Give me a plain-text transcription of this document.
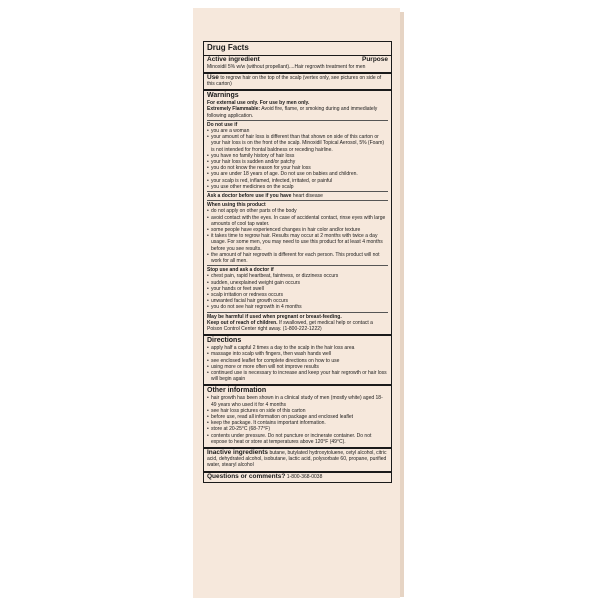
Drug Facts
Active ingredient	Purpose
Minoxidil 5% w/w (without propellant)....Hair regrowth treatment for men
Use to regrow hair on the top of the scalp (vertex only, see pictures on side of this carton)
Warnings
For external use only. For use by men only.
Extremely Flammable: Avoid fire, flame, or smoking during and immediately following application.
Do not use if
• you are a woman
• your amount of hair loss is different than that shown on side of this carton or your hair loss is on the front of the scalp. Minoxidil Topical Aerosol, 5% (Foam) is not intended for frontal baldness or receding hairline.
• you have no family history of hair loss
• your hair loss is sudden and/or patchy
• you do not know the reason for your hair loss
• you are under 18 years of age. Do not use on babies and children.
• your scalp is red, inflamed, infected, irritated, or painful
• you use other medicines on the scalp
Ask a doctor before use if you have heart disease
When using this product
• do not apply on other parts of the body
• avoid contact with the eyes. In case of accidental contact, rinse eyes with large amounts of cool tap water.
• some people have experienced changes in hair color and/or texture
• it takes time to regrow hair. Results may occur at 2 months with twice a day usage. For some men, you may need to use this product for at least 4 months before you see results.
• the amount of hair regrowth is different for each person. This product will not work for all men.
Stop use and ask a doctor if
• chest pain, rapid heartbeat, faintness, or dizziness occurs
• sudden, unexplained weight gain occurs
• your hands or feet swell
• scalp irritation or redness occurs
• unwanted facial hair growth occurs
• you do not see hair regrowth in 4 months
May be harmful if used when pregnant or breast-feeding.
Keep out of reach of children. If swallowed, get medical help or contact a Poison Control Center right away. (1-800-222-1222)
Directions
• apply half a capful 2 times a day to the scalp in the hair loss area
• massage into scalp with fingers, then wash hands well
• see enclosed leaflet for complete directions on how to use
• using more or more often will not improve results
• continued use is necessary to increase and keep your hair regrowth or hair loss will begin again
Other information
• hair growth has been shown in a clinical study of men (mostly white) aged 18-49 years who used it for 4 months
• see hair loss pictures on side of this carton
• before use, read all information on package and enclosed leaflet
• keep the package. It contains important information.
• store at 20-25°C (68-77°F)
• contents under pressure. Do not puncture or incinerate container. Do not expose to heat or store at temperatures above 120°F (49°C).
Inactive ingredients butane, butylated hydroxytoluene, cetyl alcohol, citric acid, dehydrated alcohol, isobutane, lactic acid, polysorbate 60, propane, purified water, stearyl alcohol
Questions or comments? 1-800-368-0038
